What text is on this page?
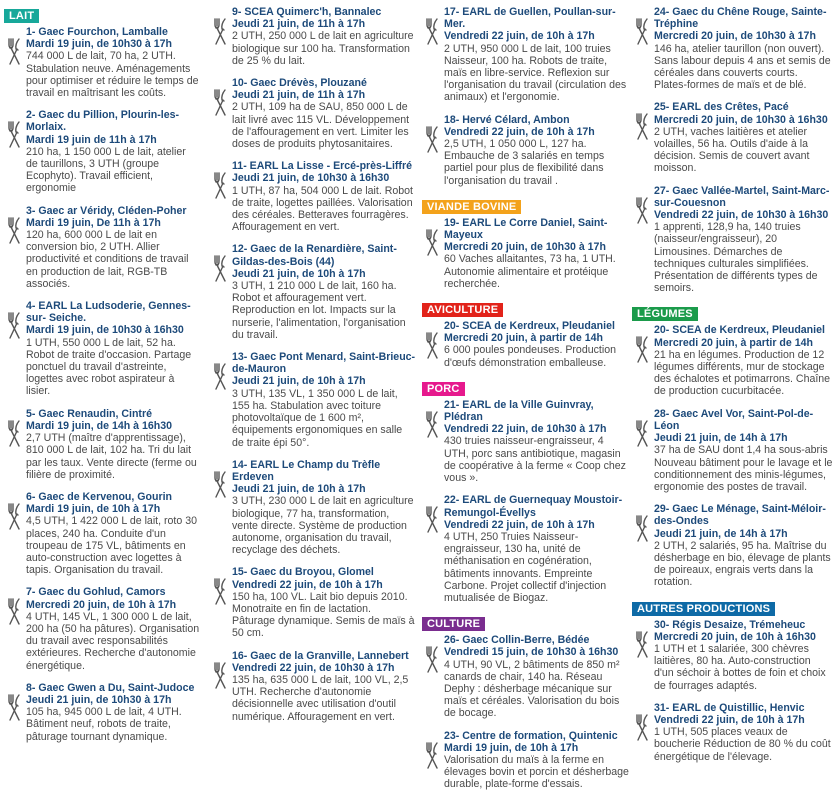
LAIT
1- Gaec Fourchon, Lamballe
Mardi 19 juin, de 10h30 à 17h
744 000 L de lait, 70 ha, 2 UTH. Stabulation neuve. Aménagements pour optimiser et réduire le temps de travail en maîtrisant les coûts.
2- Gaec du Pillion, Plourin-les-Morlaix.
Mardi 19 juin de 11h à 17h
210 ha, 1 150 000 L de lait, atelier de taurillons, 3 UTH (groupe Ecophyto). Travail efficient, ergonomie
3- Gaec ar Véridy, Cléden-Poher
Mardi 19 juin, De 11h à 17h
120 ha, 600 000 L de lait en conversion bio, 2 UTH. Allier productivité et conditions de travail en production de lait, RGB-TB associés.
4- EARL La Ludsoderie, Gennes-sur- Seiche.
Mardi 19 juin, de 10h30 à 16h30
1 UTH, 550 000 L de lait, 52 ha. Robot de traite d'occasion. Partage ponctuel du travail d'astreinte, logettes avec robot aspirateur à lisier.
5- Gaec Renaudin, Cintré
Mardi 19 juin, de 14h à 16h30
2,7 UTH (maître d'apprentissage), 810 000 L de lait, 102 ha. Tri du lait par les taux. Vente directe (ferme ou filière de proximité.
6- Gaec de Kervenou, Gourin
Mardi 19 juin, de 10h à 17h
4,5 UTH, 1 422 000 L de lait, roto 30 places, 240 ha. Conduite d'un troupeau de 175 VL, bâtiments en auto-construction avec logettes à tapis. Organisation du travail.
7- Gaec du Gohlud, Camors
Mercredi 20 juin, de 10h à 17h
4 UTH, 145 VL, 1 300 000 L de lait, 200 ha (50 ha pâtures). Organisation du travail avec responsabilités extérieures. Recherche d'autonomie énergétique.
8- Gaec Gwen a Du, Saint-Judoce
Jeudi 21 juin, de 10h30 à 17h
105 ha, 945 000 L de lait, 4 UTH. Bâtiment neuf, robots de traite, pâturage tournant dynamique.
9- SCEA Quimerc'h, Bannalec
Jeudi 21 juin, de 11h à 17h
2 UTH, 250 000 L de lait en agriculture biologique sur 100 ha. Transformation de 25 % du lait.
10- Gaec Drévès, Plouzané
Jeudi 21 juin, de 11h à 17h
2 UTH, 109 ha de SAU, 850 000 L de lait livré avec 115 VL. Développement de l'affouragement en vert. Limiter les doses de produits phytosanitaires.
11- EARL La Lisse - Ercé-près-Liffré
Jeudi 21 juin, de 10h30 à 16h30
1 UTH, 87 ha, 504 000 L de lait. Robot de traite, logettes paillées. Valorisation des céréales. Betteraves fourragères. Affouragement en vert.
12- Gaec de la Renardière, Saint- Gildas-des-Bois (44)
Jeudi 21 juin, de 10h à 17h
3 UTH, 1 210 000 L de lait, 160 ha. Robot et affouragement vert. Reproduction en lot. Impacts sur la nurserie, l'alimentation, l'organisation du travail.
13- Gaec Pont Menard, Saint-Brieuc-de-Mauron
Jeudi 21 juin, de 10h à 17h
3 UTH, 135 VL, 1 350 000 L de lait, 155 ha. Stabulation avec toiture photovoltaïque de 1 600 m², équipements ergonomiques en salle de traite épi 50°.
14- EARL Le Champ du Trèfle Erdeven
Jeudi 21 juin, de 10h à 17h
3 UTH, 230 000 L de lait en agriculture biologique, 77 ha, transformation, vente directe. Système de production autonome, organisation du travail, recyclage des déchets.
15- Gaec du Broyou, Glomel
Vendredi 22 juin, de 10h à 17h
150 ha, 100 VL. Lait bio depuis 2010. Monotraite en fin de lactation. Pâturage dynamique. Semis de maïs à 50 cm.
16- Gaec de la Granville, Lannebert
Vendredi 22 juin, de 10h30 à 17h
135 ha, 635 000 L de lait, 100 VL, 2,5 UTH. Recherche d'autonomie décisionnelle avec utilisation d'outil numérique. Affouragement en vert.
17- EARL de Guellen, Poullan-sur-Mer.
Vendredi 22 juin, de 10h à 17h
2 UTH, 950 000 L de lait, 100 truies Naisseur, 100 ha. Robots de traite, maïs en libre-service. Reflexion sur l'organisation du travail (circulation des animaux) et l'ergonomie.
18- Hervé Célard, Ambon
Vendredi 22 juin, de 10h à 17h
2,5 UTH, 1 050 000 L, 127 ha. Embauche de 3 salariés en temps partiel pour plus de flexibilité dans l'organisation du travail .
VIANDE BOVINE
19- EARL Le Corre Daniel, Saint-Mayeux
Mercredi 20 juin, de 10h30 à 17h
60 Vaches allaitantes, 73 ha, 1 UTH. Autonomie alimentaire et protéique recherchée.
AVICULTURE
20- SCEA de Kerdreux, Pleudaniel
Mercredi 20 juin, à partir de 14h
6 000 poules pondeuses. Production d'œufs démonstration emballeuse.
PORC
21- EARL de la Ville Guinvray, Plédran
Vendredi 22 juin, de 10h30 à 17h
430 truies naisseur-engraisseur, 4 UTH, porc sans antibiotique, magasin de coopérative à la ferme « Coop chez vous ».
22- EARL de Guernequay Moustoir-Remungol-Évellys
Vendredi 22 juin, de 10h à 17h
4 UTH, 250 Truies Naisseur-engraisseur, 130 ha, unité de méthanisation en cogénération, bâtiments innovants. Empreinte Carbone. Projet collectif d'injection mutualisée de Biogaz.
CULTURE
26- Gaec Collin-Berre, Bédée
Vendredi 15 juin, de 10h30 à 16h30
4 UTH, 90 VL, 2 bâtiments de 850 m² canards de chair, 140 ha. Réseau Dephy : désherbage mécanique sur maïs et céréales. Valorisation du bois de bocage.
23- Centre de formation, Quintenic
Mardi 19 juin, de 10h à 17h
Valorisation du maïs à la ferme en élevages bovin et porcin et désherbage durable, plate-forme d'essais.
24- Gaec du Chêne Rouge, Sainte-Tréphine
Mercredi 20 juin, de 10h30 à 17h
146 ha, atelier taurillon (non ouvert). Sans labour depuis 4 ans et semis de céréales dans couverts courts. Plates-formes de maïs et de blé.
25- EARL des Crêtes, Pacé
Mercredi 20 juin, de 10h30 à 16h30
2 UTH, vaches laitières et atelier volailles, 56 ha. Outils d'aide à la décision. Semis de couvert avant moisson.
27- Gaec Vallée-Martel, Saint-Marc-sur-Couesnon
Vendredi 22 juin, de 10h30 à 16h30
1 apprenti, 128,9 ha, 140 truies (naisseur/engraisseur), 20 Limousines. Démarches de techniques culturales simplifiées. Présentation de différents types de semoirs.
LÉGUMES
20- SCEA de Kerdreux, Pleudaniel
Mercredi 20 juin, à partir de 14h
21 ha en légumes. Production de 12 légumes différents, mur de stockage des échalotes et potimarrons. Chaîne de production cucurbitacée.
28- Gaec Avel Vor, Saint-Pol-de-Léon
Jeudi 21 juin, de 14h à 17h
37 ha de SAU dont 1,4 ha sous-abris Nouveau bâtiment pour le lavage et le conditionnement des minis-légumes, ergonomie des postes de travail.
29- Gaec Le Ménage, Saint-Méloir-des-Ondes
Jeudi 21 juin, de 14h à 17h
2 UTH, 2 salariés, 95 ha. Maîtrise du désherbage en bio, élevage de plants de poireaux, engrais verts dans la rotation.
AUTRES PRODUCTIONS
30- Régis Desaize, Trémeheuc
Mercredi 20 juin, de 10h à 16h30
1 UTH et 1 salariée, 300 chèvres laitières, 80 ha. Auto-construction d'un séchoir à bottes de foin et choix de fourrages adaptés.
31- EARL de Quistillic, Henvic
Vendredi 22 juin, de 10h à 17h
1 UTH, 505 places veaux de boucherie Réduction de 80 % du coût énergétique de l'élevage.
